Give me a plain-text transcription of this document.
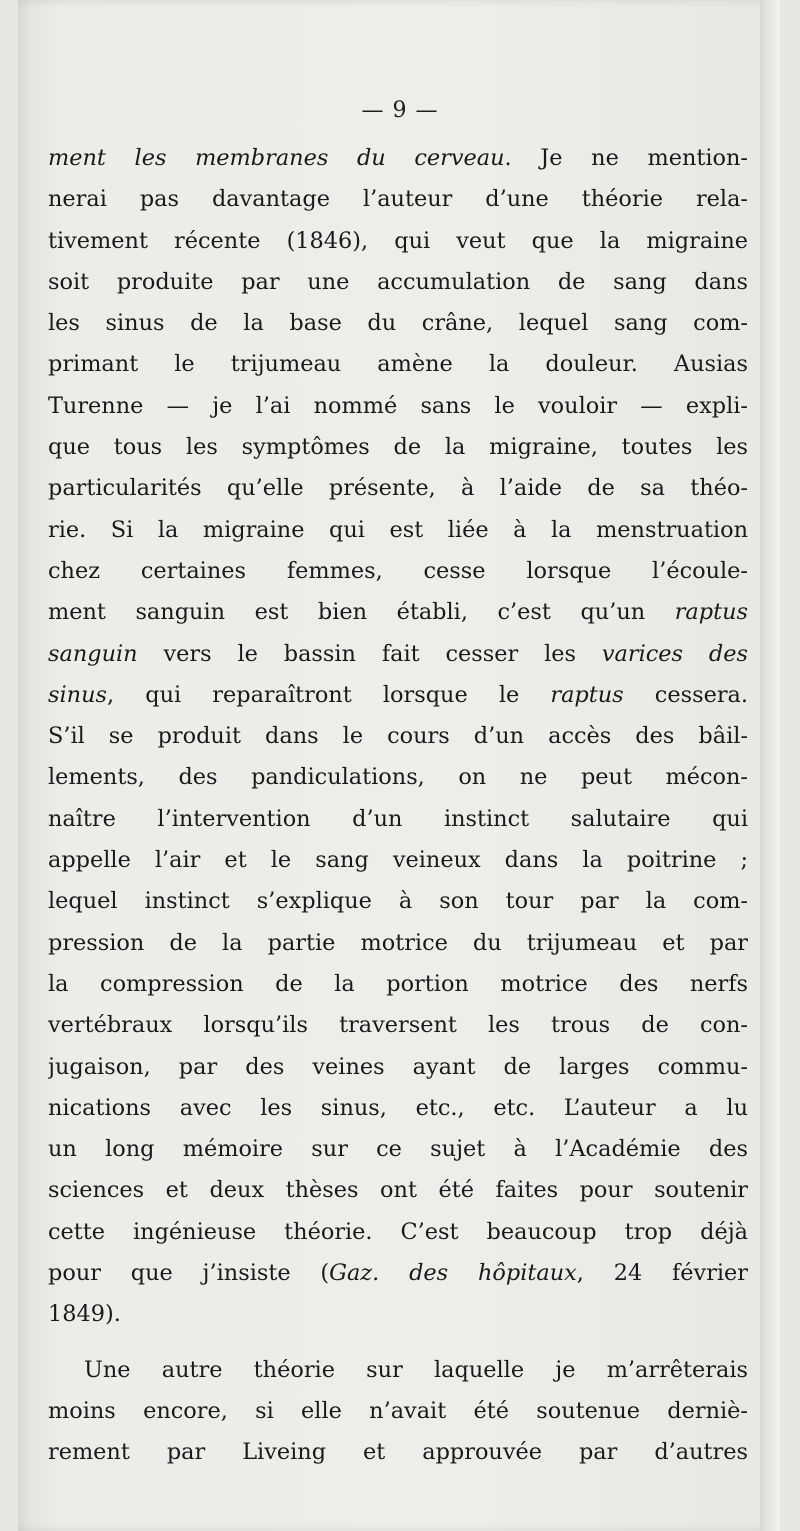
— 9 —
ment les membranes du cerveau. Je ne mention-
nerai pas davantage l’auteur d’une théorie rela-
tivement récente (1846), qui veut que la migraine
soit produite par une accumulation de sang dans
les sinus de la base du crâne, lequel sang com-
primant le trijumeau amène la douleur. Ausias
Turenne — je l’ai nommé sans le vouloir — expli-
que tous les symptômes de la migraine, toutes les
particularités qu’elle présente, à l’aide de sa théo-
rie. Si la migraine qui est liée à la menstruation
chez certaines femmes, cesse lorsque l’écoule-
ment sanguin est bien établi, c’est qu’un raptus
sanguin vers le bassin fait cesser les varices des
sinus, qui reparaîtront lorsque le raptus cessera.
S’il se produit dans le cours d’un accès des bâil-
lements, des pandiculations, on ne peut mécon-
naître l’intervention d’un instinct salutaire qui
appelle l’air et le sang veineux dans la poitrine ;
lequel instinct s’explique à son tour par la com-
pression de la partie motrice du trijumeau et par
la compression de la portion motrice des nerfs
vertébraux lorsqu’ils traversent les trous de con-
jugaison, par des veines ayant de larges commu-
nications avec les sinus, etc., etc. L’auteur a lu
un long mémoire sur ce sujet à l’Académie des
sciences et deux thèses ont été faites pour soutenir
cette ingénieuse théorie. C’est beaucoup trop déjà
pour que j’insiste (Gaz. des hôpitaux, 24 février
1849).
Une autre théorie sur laquelle je m’arrêterais
moins encore, si elle n’avait été soutenue derniè-
rement par Liveing et approuvée par d’autres
